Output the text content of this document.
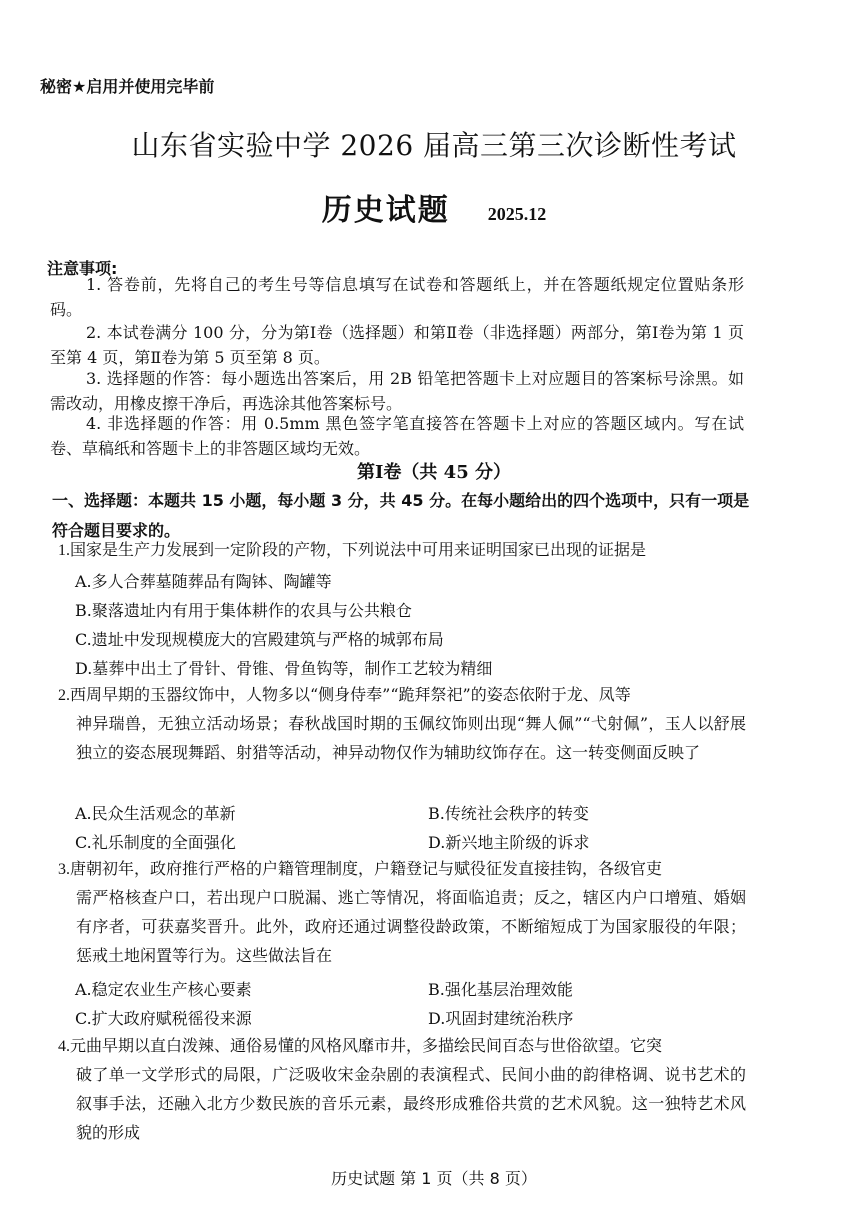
秘密★启用并使用完毕前
山东省实验中学 2026 届高三第三次诊断性考试
历史试题 2025.12
注意事项:
1. 答卷前，先将自己的考生号等信息填写在试卷和答题纸上，并在答题纸规定位置贴条形码。
2. 本试卷满分 100 分，分为第Ⅰ卷（选择题）和第Ⅱ卷（非选择题）两部分，第Ⅰ卷为第 1 页至第 4 页，第Ⅱ卷为第 5 页至第 8 页。
3. 选择题的作答：每小题选出答案后，用 2B 铅笔把答题卡上对应题目的答案标号涂黑。如需改动，用橡皮擦干净后，再选涂其他答案标号。
4. 非选择题的作答：用 0.5mm 黑色签字笔直接答在答题卡上对应的答题区域内。写在试卷、草稿纸和答题卡上的非答题区域均无效。
第Ⅰ卷（共 45 分）
一、选择题：本题共 15 小题，每小题 3 分，共 45 分。在每小题给出的四个选项中，只有一项是符合题目要求的。
1.国家是生产力发展到一定阶段的产物，下列说法中可用来证明国家已出现的证据是
A.多人合葬墓随葬品有陶钵、陶罐等
B.聚落遗址内有用于集体耕作的农具与公共粮仓
C.遗址中发现规模庞大的宫殿建筑与严格的城郭布局
D.墓葬中出土了骨针、骨锥、骨鱼钩等，制作工艺较为精细
2.西周早期的玉器纹饰中，人物多以“侧身侍奉”“跪拜祭祀”的姿态依附于龙、凤等
神异瑞兽，无独立活动场景；春秋战国时期的玉佩纹饰则出现“舞人佩”“弋射佩”，玉人以舒展独立的姿态展现舞蹈、射猎等活动，神异动物仅作为辅助纹饰存在。这一转变侧面反映了
A.民众生活观念的革新	B.传统社会秩序的转变
C.礼乐制度的全面强化	D.新兴地主阶级的诉求
3.唐朝初年，政府推行严格的户籍管理制度，户籍登记与赋役征发直接挂钩，各级官吏
需严格核查户口，若出现户口脱漏、逃亡等情况，将面临追责；反之，辖区内户口增殖、婚姻有序者，可获嘉奖晋升。此外，政府还通过调整役龄政策，不断缩短成丁为国家服役的年限；惩戒土地闲置等行为。这些做法旨在
A.稳定农业生产核心要素	B.强化基层治理效能
C.扩大政府赋税徭役来源	D.巩固封建统治秩序
4.元曲早期以直白泼辣、通俗易懂的风格风靡市井，多描绘民间百态与世俗欲望。它突
破了单一文学形式的局限，广泛吸收宋金杂剧的表演程式、民间小曲的韵律格调、说书艺术的叙事手法，还融入北方少数民族的音乐元素，最终形成雅俗共赏的艺术风貌。这一独特艺术风貌的形成
历史试题 第 1 页（共 8 页）
